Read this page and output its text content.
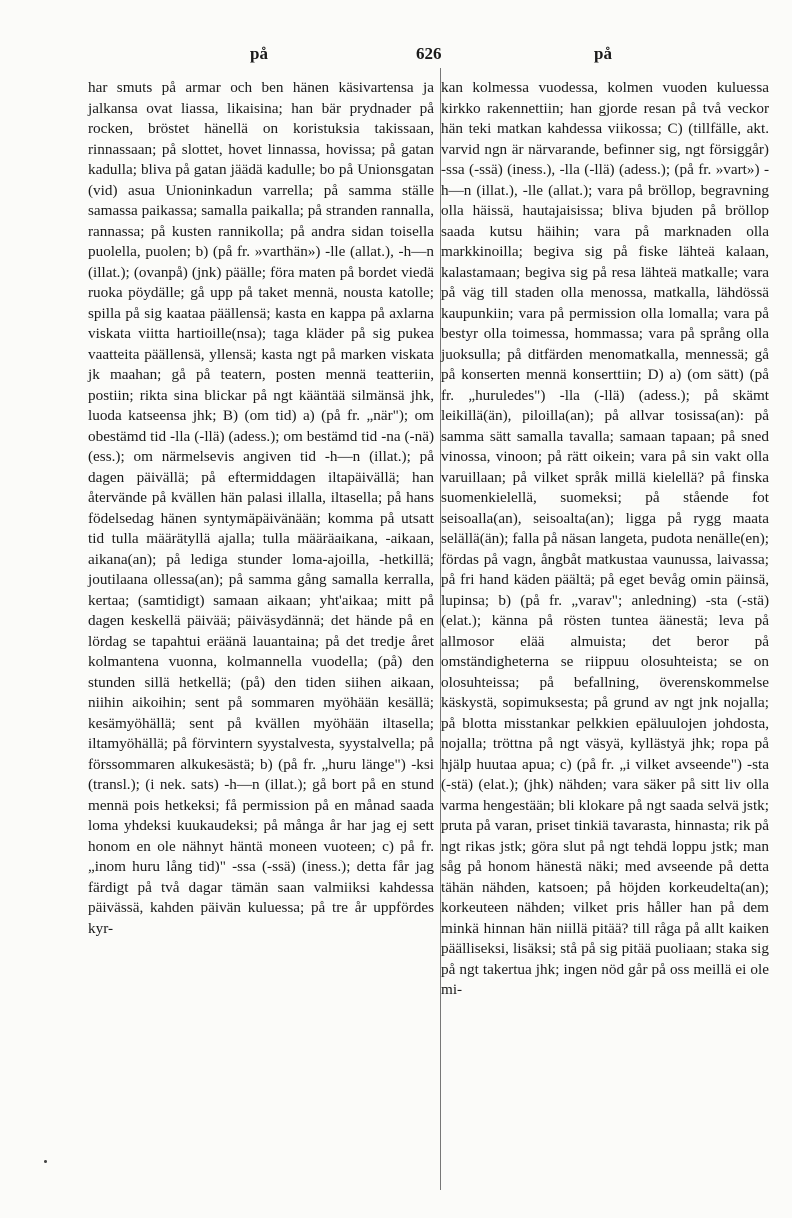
på	626	på

har smuts på armar och ben hänen käsivartensa ja jalkansa ovat liassa, likaisina; han bär prydnader på rocken, bröstet hänellä on koristuksia takissaan, rinnassaan; på slottet, hovet linnassa, hovissa; på gatan kadulla; bliva på gatan jäädä kadulle; bo på Unionsgatan (vid) asua Unioninkadun varrella; på samma ställe samassa paikassa; samalla paikalla; på stranden rannalla, rannassa; på kusten rannikolla; på andra sidan toisella puolella, puolen; b) (på fr. »varthän») -lle (allat.), -h—n (illat.); (ovanpå) (jnk) päälle; föra maten på bordet viedä ruoka pöydälle; gå upp på taket mennä, nousta katolle; spilla på sig kaataa päällensä; kasta en kappa på axlarna viskata viitta hartioille(nsa); taga kläder på sig pukea vaatteita päällensä, yllensä; kasta ngt på marken viskata jk maahan; gå på teatern, posten mennä teatteriin, postiin; rikta sina blickar på ngt kääntää silmänsä jhk, luoda katseensa jhk; B) (om tid) a) (på fr. „när"); om obestämd tid -lla (-llä) (adess.); om bestämd tid -na (-nä) (ess.); om närmelsevis angiven tid -h—n (illat.); på dagen päivällä; på eftermiddagen iltapäivällä; han återvände på kvällen hän palasi illalla, iltasella; på hans födelsedag hänen syntymäpäivänään; komma på utsatt tid tulla määrätyllä ajalla; tulla määräaikana, -aikaan, aikana(an); på lediga stunder loma-ajoilla, -hetkillä; joutilaana ollessa(an); på samma gång samalla kerralla, kertaa; (samtidigt) samaan aikaan; yht'aikaa; mitt på dagen keskellä päivää; päiväsydännä; det hände på en lördag se tapahtui eräänä lauantaina; på det tredje året kolmantena vuonna, kolmannella vuodella; (på) den stunden sillä hetkellä; (på) den tiden siihen aikaan, niihin aikoihin; sent på sommaren myöhään kesällä; kesämyöhällä; sent på kvällen myöhään iltasella; iltamyöhällä; på förvintern syystalvesta, syystalvella; på förssommaren alkukesästä; b) (på fr. „huru länge") -ksi (transl.); (i nek. sats) -h—n (illat.); gå bort på en stund mennä pois hetkeksi; få permission på en månad saada loma yhdeksi kuukaudeksi; på många år har jag ej sett honom en ole nähnyt häntä moneen vuoteen; c) på fr. „inom huru lång tid)" -ssa (-ssä) (iness.); detta får jag färdigt på två dagar tämän saan valmiiksi kahdessa päivässä, kahden päivän kuluessa; på tre år uppfördes kyr-

kan kolmessa vuodessa, kolmen vuoden kuluessa kirkko rakennettiin; han gjorde resan på två veckor hän teki matkan kahdessa viikossa; C) (tillfälle, akt. varvid ngn är närvarande, befinner sig, ngt försiggår) -ssa (-ssä) (iness.), -lla (-llä) (adess.); (på fr. »vart») -h—n (illat.), -lle (allat.); vara på bröllop, begravning olla häissä, hautajaisissa; bliva bjuden på bröllop saada kutsu häihin; vara på marknaden olla markkinoilla; begiva sig på fiske lähteä kalaan, kalastamaan; begiva sig på resa lähteä matkalle; vara på väg till staden olla menossa, matkalla, lähdössä kaupunkiin; vara på permission olla lomalla; vara på bestyr olla toimessa, hommassa; vara på språng olla juoksulla; på ditfärden menomatkalla, mennessä; gå på konserten mennä konserttiin; D) a) (om sätt) (på fr. „huruledes") -lla (-llä) (adess.); på skämt leikillä(än), piloilla(an); på allvar tosissa(an): på samma sätt samalla tavalla; samaan tapaan; på sned vinossa, vinoon; på rätt oikein; vara på sin vakt olla varuillaan; på vilket språk millä kielellä? på finska suomenkielellä, suomeksi; på stående fot seisoalla(an), seisoalta(an); ligga på rygg maata selällä(än); falla på näsan langeta, pudota nenälle(en); fördas på vagn, ångbåt matkustaa vaunussa, laivassa; på fri hand käden päältä; på eget bevåg omin päinsä, lupinsa; b) (på fr. „varav"; anledning) -sta (-stä) (elat.); känna på rösten tuntea äänestä; leva på allmosor elää almuista; det beror på omständigheterna se riippuu olosuhteista; se on olosuhteissa; på befallning, överenskommelse käskystä, sopimuksesta; på grund av ngt jnk nojalla; på blotta misstankar pelkkien epäluulojen johdosta, nojalla; tröttna på ngt väsyä, kyllästyä jhk; ropa på hjälp huutaa apua; c) (på fr. „i vilket avseende") -sta (-stä) (elat.); (jhk) nähden; vara säker på sitt liv olla varma hengestään; bli klokare på ngt saada selvä jstk; pruta på varan, priset tinkiä tavarasta, hinnasta; rik på ngt rikas jstk; göra slut på ngt tehdä loppu jstk; man såg på honom hänestä näki; med avseende på detta tähän nähden, katsoen; på höjden korkeudelta(an); korkeuteen nähden; vilket pris håller han på dem minkä hinnan hän niillä pitää? till råga på allt kaiken päälliseksi, lisäksi; stå på sig pitää puoliaan; staka sig på ngt takertua jhk; ingen nöd går på oss meillä ei ole mi-
